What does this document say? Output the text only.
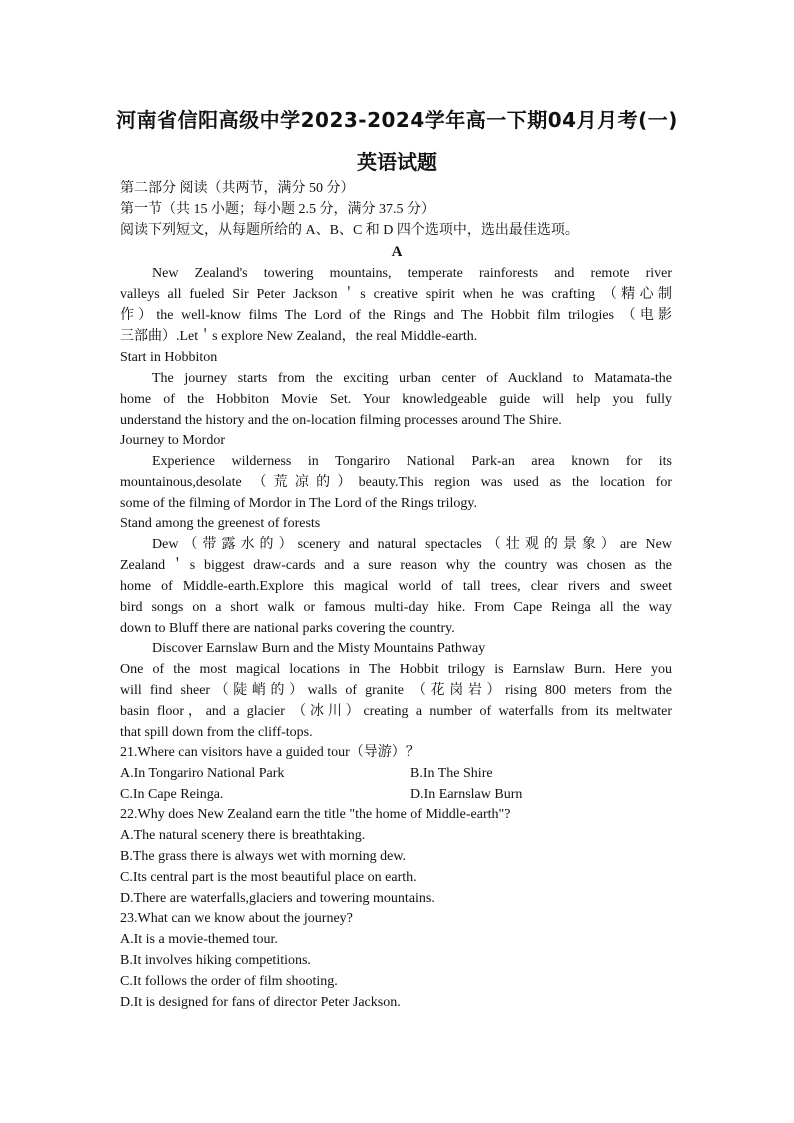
河南省信阳高级中学2023-2024学年高一下期04月月考(一)
英语试题
第二部分 阅读（共两节，满分 50 分）
第一节（共 15 小题；每小题 2.5 分，满分 37.5 分）
阅读下列短文，从每题所给的 A、B、C 和 D 四个选项中，选出最佳选项。
A
New Zealand's towering mountains, temperate rainforests and remote river
valleys all fueled Sir Peter Jackson＇s creative spirit when he was crafting （精心制
作）the well-know films The Lord of the Rings and The Hobbit film trilogies （电影
三部曲）.Let＇s explore New Zealand，the real Middle-earth.
Start in Hobbiton
The journey starts from the exciting urban center of Auckland to Matamata-the
home of the Hobbiton Movie Set. Your knowledgeable guide will help you fully
understand the history and the on-location filming processes around The Shire.
Journey to Mordor
Experience wilderness in Tongariro National Park-an area known for its
mountainous,desolate （荒凉的）beauty.This region was used as the location for
some of the filming of Mordor in The Lord of the Rings trilogy.
Stand among the greenest of forests
Dew（带露水的）scenery and natural spectacles（壮观的景象）are New
Zealand＇s biggest draw-cards and a sure reason why the country was chosen as the
home of Middle-earth.Explore this magical world of tall trees, clear rivers and sweet
bird songs on a short walk or famous multi-day hike. From Cape Reinga all the way
down to Bluff there are national parks covering the country.
Discover Earnslaw Burn and the Misty Mountains Pathway
One of the most magical locations in The Hobbit trilogy is Earnslaw Burn. Here you
will find sheer（陡峭的）walls of granite （花岗岩）rising 800 meters from the
basin floor，and a glacier （冰川）creating a number of waterfalls from its meltwater
that spill down from the cliff-tops.
21.Where can visitors have a guided tour（导游）？
A.In Tongariro National Park	B.In The Shire
C.In Cape Reinga.	D.In Earnslaw Burn
22.Why does New Zealand earn the title "the home of Middle-earth"?
A.The natural scenery there is breathtaking.
B.The grass there is always wet with morning dew.
C.Its central part is the most beautiful place on earth.
D.There are waterfalls,glaciers and towering mountains.
23.What can we know about the journey?
A.It is a movie-themed tour.
B.It involves hiking competitions.
C.It follows the order of film shooting.
D.It is designed for fans of director Peter Jackson.
